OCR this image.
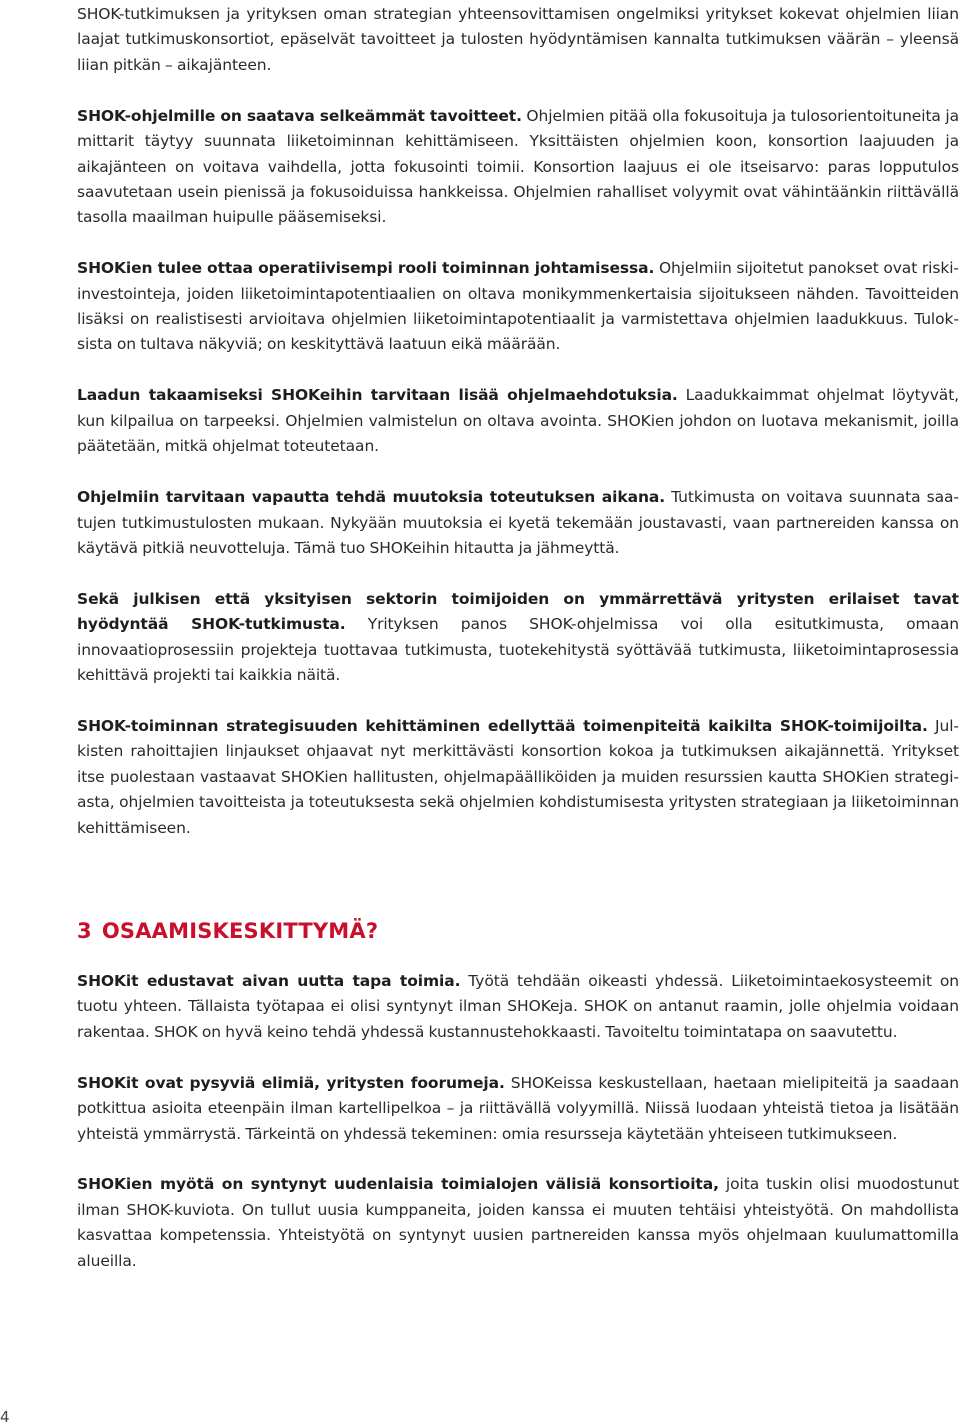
SHOK-tutkimuksen ja yrityksen oman strategian yhteensovittamisen ongelmiksi yritykset kokevat ohjelmien liian laajat tutkimuskonsortiot, epäselvät tavoitteet ja tulosten hyödyntämisen kannalta tutkimuksen väärän – yleensä liian pitkän – aikajänteen.

SHOK-ohjelmille on saatava selkeämmät tavoitteet. Ohjelmien pitää olla fokusoituja ja tulosorientoituneita ja mittarit täytyy suunnata liiketoiminnan kehittämiseen. Yksittäisten ohjelmien koon, konsortion laajuuden ja aikajänteen on voitava vaihdella, jotta fokusointi toimii. Konsortion laajuus ei ole itseisarvo: paras lopputulos saavutetaan usein pienissä ja fokusoiduissa hankkeissa. Ohjelmien rahalliset volyymit ovat vähintäänkin riittävällä tasolla maailman huipulle pääsemiseksi.

SHOKien tulee ottaa operatiivisempi rooli toiminnan johtamisessa. Ohjelmiin sijoitetut panokset ovat riskiinvestointeja, joiden liiketoimintapotentiaalien on oltava monikymmenkertaisia sijoitukseen nähden. Tavoitteiden lisäksi on realistisesti arvioitava ohjelmien liiketoimintapotentiaalit ja varmistettava ohjelmien laadukkuus. Tuloksista on tultava näkyviä; on keskityttävä laatuun eikä määrään.

Laadun takaamiseksi SHOKeihin tarvitaan lisää ohjelmaehdotuksia. Laadukkaimmat ohjelmat löytyvät, kun kilpailua on tarpeeksi. Ohjelmien valmistelun on oltava avointa. SHOKien johdon on luotava mekanismit, joilla päätetään, mitkä ohjelmat toteutetaan.

Ohjelmiin tarvitaan vapautta tehdä muutoksia toteutuksen aikana. Tutkimusta on voitava suunnata saatujen tutkimustulosten mukaan. Nykyään muutoksia ei kyetä tekemään joustavasti, vaan partnereiden kanssa on käytävä pitkiä neuvotteluja. Tämä tuo SHOKeihin hitautta ja jähmeyttä.

Sekä julkisen että yksityisen sektorin toimijoiden on ymmärrettävä yritysten erilaiset tavat hyödyntää SHOK-tutkimusta. Yrityksen panos SHOK-ohjelmissa voi olla esitutkimusta, omaan innovaatioprosessiin projekteja tuottavaa tutkimusta, tuotekehitystä syöttävää tutkimusta, liiketoimintaprosessia kehittävä projekti tai kaikkia näitä.

SHOK-toiminnan strategisuuden kehittäminen edellyttää toimenpiteitä kaikilta SHOK-toimijoilta. Julkisten rahoittajien linjaukset ohjaavat nyt merkittävästi konsortion kokoa ja tutkimuksen aikajännettä. Yritykset itse puolestaan vastaavat SHOKien hallitusten, ohjelmapäälliköiden ja muiden resurssien kautta SHOKien strategiasta, ohjelmien tavoitteista ja toteutuksesta sekä ohjelmien kohdistumisesta yritysten strategiaan ja liiketoiminnan kehittämiseen.

3 OSAAMISKESKITTYMÄ?

SHOKit edustavat aivan uutta tapa toimia. Työtä tehdään oikeasti yhdessä. Liiketoimintaekosysteemit on tuotu yhteen. Tällaista työtapaa ei olisi syntynyt ilman SHOKeja. SHOK on antanut raamin, jolle ohjelmia voidaan rakentaa. SHOK on hyvä keino tehdä yhdessä kustannustehokkaasti. Tavoiteltu toimintatapa on saavutettu.

SHOKit ovat pysyviä elimiä, yritysten foorumeja. SHOKeissa keskustellaan, haetaan mielipiteitä ja saadaan potkittua asioita eteenpäin ilman kartellipelkoa – ja riittävällä volyymillä. Niissä luodaan yhteistä tietoa ja lisätään yhteistä ymmärrystä. Tärkeintä on yhdessä tekeminen: omia resursseja käytetään yhteiseen tutkimukseen.

SHOKien myötä on syntynyt uudenlaisia toimialojen välisiä konsortioita, joita tuskin olisi muodostunut ilman SHOK-kuviota. On tullut uusia kumppaneita, joiden kanssa ei muuten tehtäisi yhteistyötä. On mahdollista kasvattaa kompetenssia. Yhteistyötä on syntynyt uusien partnereiden kanssa myös ohjelmaan kuulumattomilla alueilla.

4
